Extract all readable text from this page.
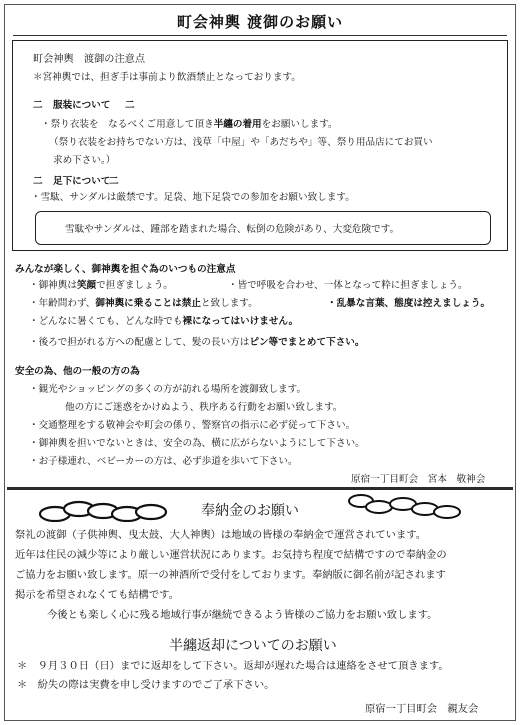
町会神輿 渡御のお願い
町会神輿　渡御の注意点
＊宮神輿では、担ぎ手は事前より飲酒禁止となっております。
二 服装について 二
・祭り衣装を　なるべくご用意して頂き半纏の着用をお願いします。
（祭り衣装をお持ちでない方は、浅草「中屋」や「あだちや」等、祭り用品店にてお買い
求め下さい。）
二 足下について
二
・雪駄、サンダルは厳禁です。足袋、地下足袋での参加をお願い致します。
雪駄やサンダルは、踵部を踏まれた場合、転倒の危険があり、大変危険です。
みんなが楽しく、御神輿を担ぐ為のいつもの注意点
・御神輿は笑顔で担ぎましょう。	・皆で呼吸を合わせ、一体となって粋に担ぎましょう。
・年齢問わず、御神輿に乗ることは禁止と致します。	・乱暴な言葉、態度は控えましょう。
・どんなに暑くても、どんな時でも裸になってはいけません。
・後ろで担がれる方への配慮として、髪の長い方はピン等でまとめて下さい。
安全の為、他の一般の方の為
・観光やショッピングの多くの方が訪れる場所を渡御致します。
他の方にご迷惑をかけぬよう、秩序ある行動をお願い致します。
・交通整理をする敬神会や町会の係り、警察官の指示に必ず従って下さい。
・御神輿を担いでないときは、安全の為、横に広がらないようにして下さい。
・お子様連れ、ベビーカーの方は、必ず歩道を歩いて下さい。
原宿一丁目町会　宮本　敬神会
奉納金のお願い
祭礼の渡御（子供神輿、曳太鼓、大人神輿）は地域の皆様の奉納金で運営されています。
近年は住民の減少等により厳しい運営状況にあります。お気持ち程度で結構ですので奉納金の
ご協力をお願い致します。原一の神酒所で受付をしております。奉納版に御名前が記されます
掲示を希望されなくても結構です。
今後とも楽しく心に残る地域行事が継続できるよう皆様のご協力をお願い致します。
半纏返却についてのお願い
＊　９月３０日（日）までに返却をして下さい。返却が遅れた場合は連絡をさせて頂きます。
＊　紛失の際は実費を申し受けますのでご了承下さい。
原宿一丁目町会　親友会
